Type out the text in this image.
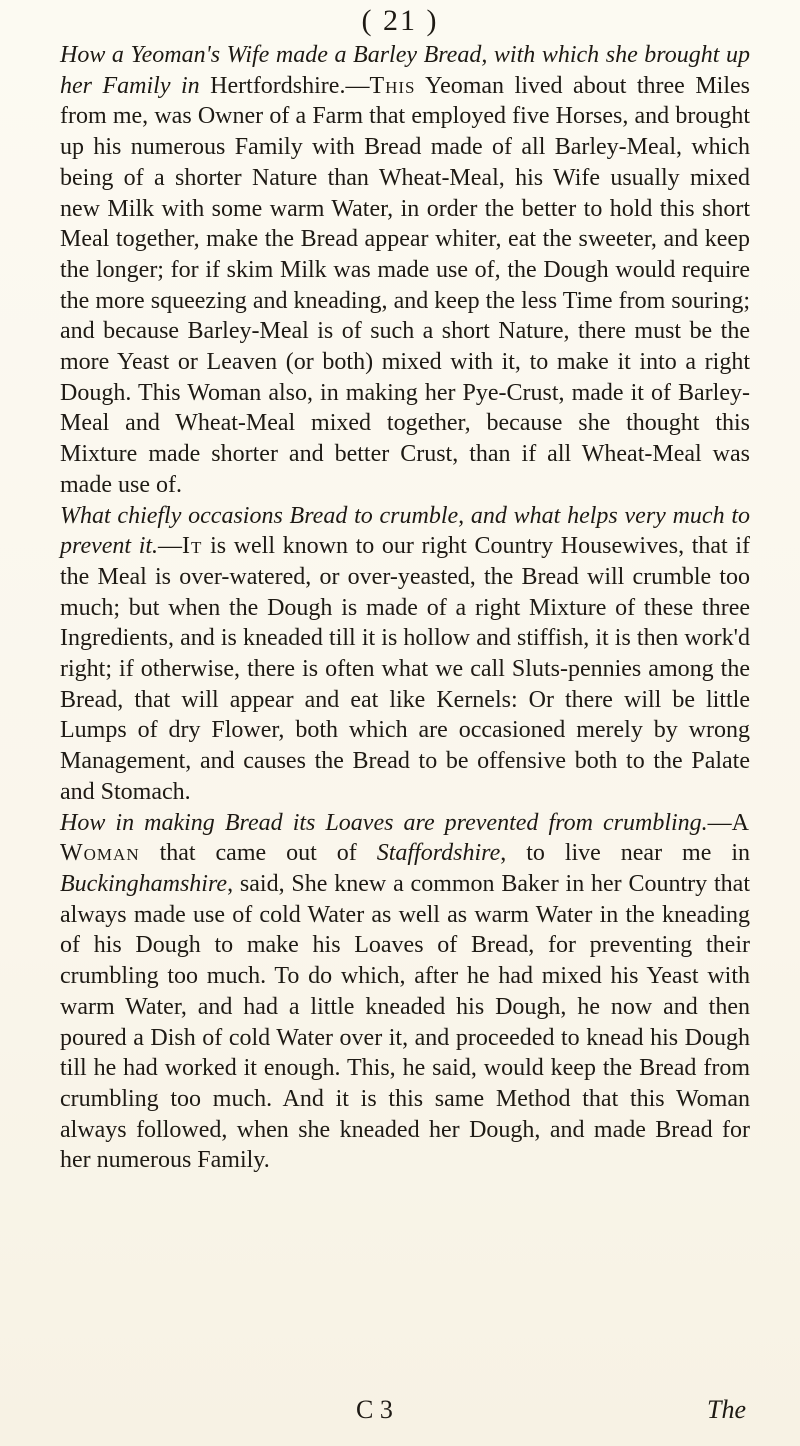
( 21 )

How a Yeoman's Wife made a Barley Bread, with which she brought up her Family in Hertfordshire.—This Yeoman lived about three Miles from me, was Owner of a Farm that employed five Horses, and brought up his numerous Family with Bread made of all Barley-Meal, which being of a shorter Nature than Wheat-Meal, his Wife usually mixed new Milk with some warm Water, in order the better to hold this short Meal together, make the Bread appear whiter, eat the sweeter, and keep the longer; for if skim Milk was made use of, the Dough would require the more squeezing and kneading, and keep the less Time from souring; and because Barley-Meal is of such a short Nature, there must be the more Yeast or Leaven (or both) mixed with it, to make it into a right Dough. This Woman also, in making her Pye-Crust, made it of Barley-Meal and Wheat-Meal mixed together, because she thought this Mixture made shorter and better Crust, than if all Wheat-Meal was made use of.

What chiefly occasions Bread to crumble, and what helps very much to prevent it.—It is well known to our right Country Housewives, that if the Meal is over-watered, or over-yeasted, the Bread will crumble too much; but when the Dough is made of a right Mixture of these three Ingredients, and is kneaded till it is hollow and stiffish, it is then work'd right; if otherwise, there is often what we call Sluts-pennies among the Bread, that will appear and eat like Kernels: Or there will be little Lumps of dry Flower, both which are occasioned merely by wrong Management, and causes the Bread to be offensive both to the Palate and Stomach.

How in making Bread its Loaves are prevented from crumbling.—A Woman that came out of Staffordshire, to live near me in Buckinghamshire, said, She knew a common Baker in her Country that always made use of cold Water as well as warm Water in the kneading of his Dough to make his Loaves of Bread, for preventing their crumbling too much. To do which, after he had mixed his Yeast with warm Water, and had a little kneaded his Dough, he now and then poured a Dish of cold Water over it, and proceeded to knead his Dough till he had worked it enough. This, he said, would keep the Bread from crumbling too much. And it is this same Method that this Woman always followed, when she kneaded her Dough, and made Bread for her numerous Family.

C 3	The
